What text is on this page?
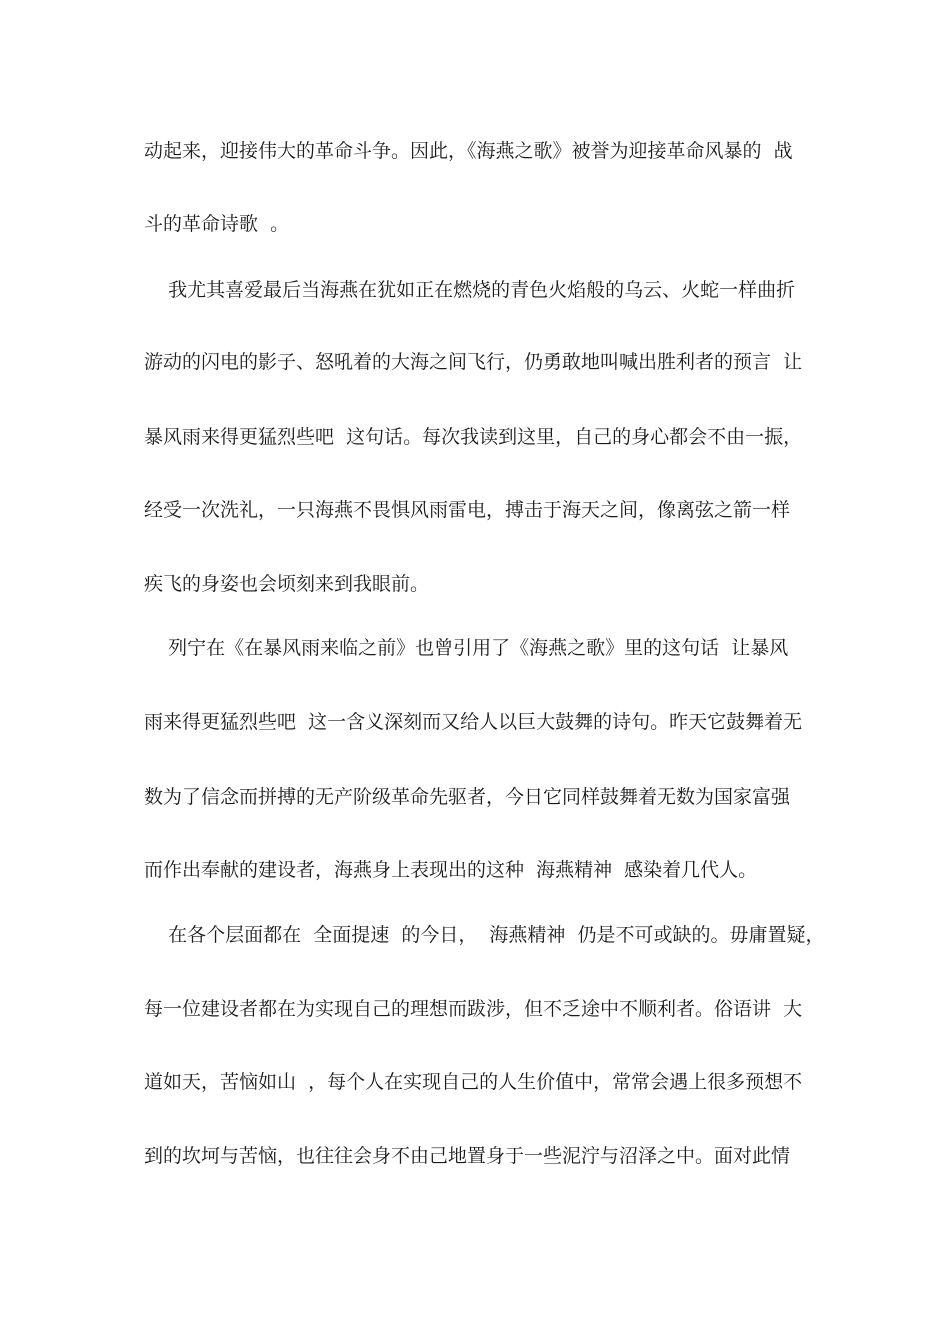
动起来，迎接伟大的革命斗争。因此，《海燕之歌》被誉为迎接革命风暴的  战
斗的革命诗歌  。
我尤其喜爱最后当海燕在犹如正在燃烧的青色火焰般的乌云、火蛇一样曲折
游动的闪电的影子、怒吼着的大海之间飞行，仍勇敢地叫喊出胜利者的预言  让
暴风雨来得更猛烈些吧  这句话。每次我读到这里，自己的身心都会不由一振，
经受一次洗礼，一只海燕不畏惧风雨雷电，搏击于海天之间，像离弦之箭一样
疾飞的身姿也会顷刻来到我眼前。
列宁在《在暴风雨来临之前》也曾引用了《海燕之歌》里的这句话  让暴风
雨来得更猛烈些吧  这一含义深刻而又给人以巨大鼓舞的诗句。昨天它鼓舞着无
数为了信念而拼搏的无产阶级革命先驱者，今日它同样鼓舞着无数为国家富强
而作出奉献的建设者，海燕身上表现出的这种  海燕精神  感染着几代人。
在各个层面都在  全面提速  的今日，  海燕精神  仍是不可或缺的。毋庸置疑，
每一位建设者都在为实现自己的理想而跋涉，但不乏途中不顺利者。俗语讲  大
道如天，苦恼如山  ，每个人在实现自己的人生价值中，常常会遇上很多预想不
到的坎坷与苦恼，也往往会身不由己地置身于一些泥泞与沼泽之中。面对此情
